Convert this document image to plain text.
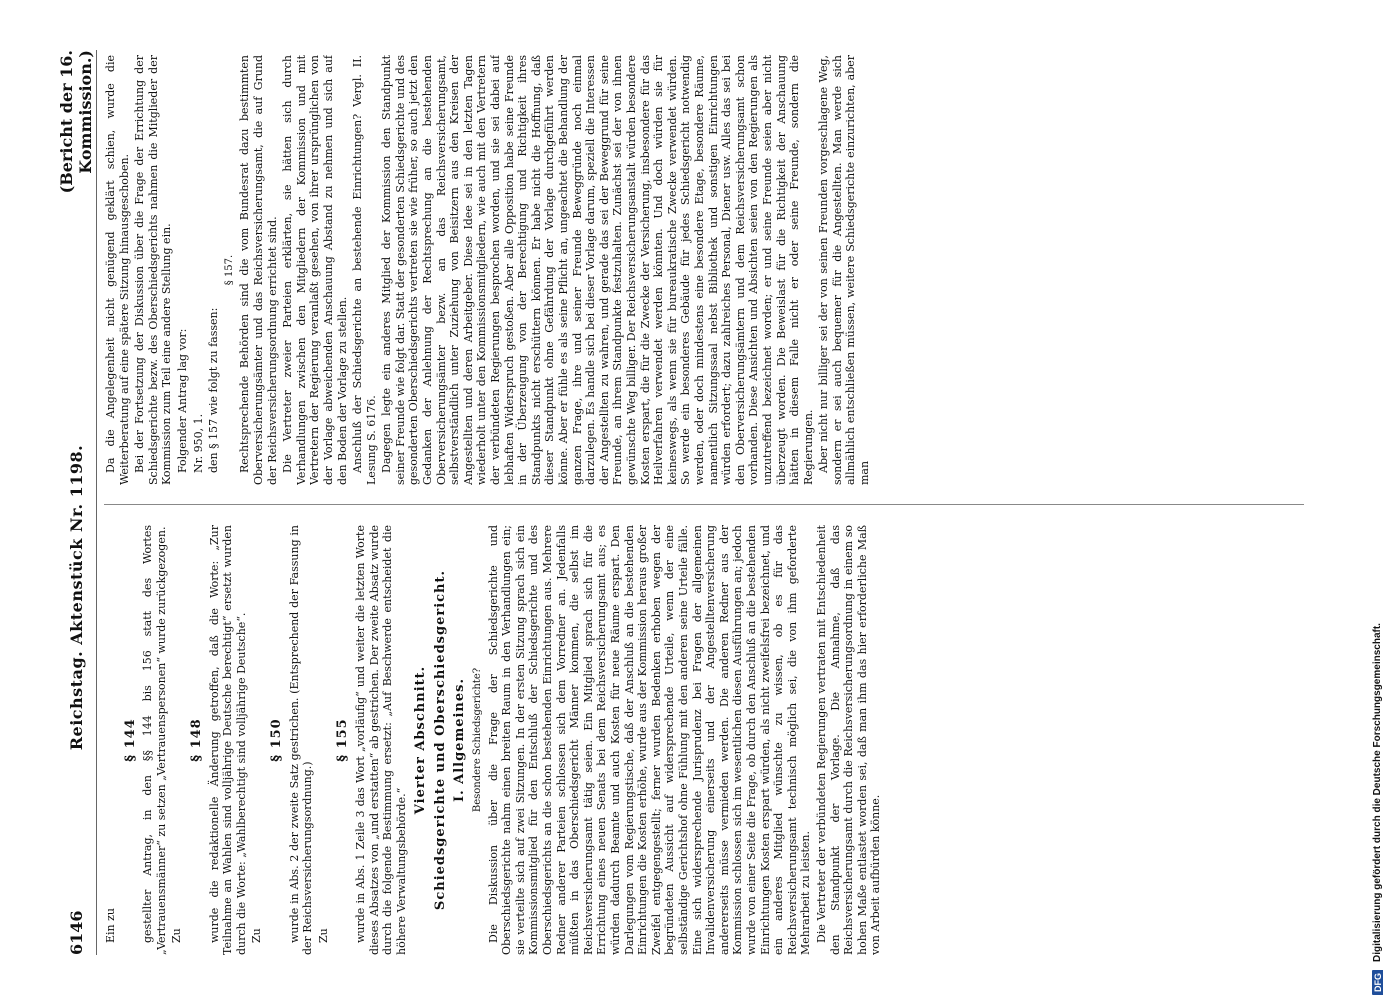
6146
Reichstag. Aktenstück Nr. 1198.
(Bericht der 16. Kommission.)
Ein zu
§ 144 gestellter Antrag, in den §§ 144 bis 156 statt des Wortes „Vertrauensmänner“ zu setzen „Vertrauenspersonen“ wurde zurückgezogen. Zu
§ 148 wurde die redaktionelle Änderung getroffen, daß die Worte: „Zur Teilnahme an Wahlen sind volljährige Deutsche berechtigt“ ersetzt wurden durch die Worte: „Wahlberechtigt sind volljährige Deutsche“. Zu
§ 150 wurde in Abs. 2 der zweite Satz gestrichen. (Entsprechend der Fassung in der Reichsversicherungsordnung.) Zu
§ 155 wurde in Abs. 1 Zeile 3 das Wort „vorläufig“ und weiter die letzten Worte dieses Absatzes von „und erstatten“ ab gestrichen. Der zweite Absatz wurde durch die folgende Bestimmung ersetzt: „Auf Beschwerde entscheidet die höhere Verwaltungsbehörde.“
Vierter Abschnitt. Schiedsgerichte und Oberschiedsgericht. I. Allgemeines. Besondere Schiedsgerichte? Die Diskussion über die Frage der Schiedsgerichte und Oberschiedsgerichte nahm einen breiten Raum in den Verhandlungen ein; sie verteilte sich auf zwei Sitzungen. In der ersten Sitzung sprach sich ein Kommissionsmitglied für den Entschluß der Schiedsgerichte und des Oberschiedsgerichts an die schon bestehenden Einrichtungen aus. Mehrere Redner anderer Parteien schlossen sich dem Vorredner an. Jedenfalls müßten in das Oberschiedsgericht Männer kommen, die selbst im Reichsversicherungsamt tätig seien. Ein Mitglied sprach sich für die Errichtung eines neuen Senats bei dem Reichsversicherungsamt aus; es würden dadurch Beamte und auch Kosten für neue Räume erspart. Den Darlegungen vom Regierungstische, daß der Anschluß an die bestehenden Einrichtungen die Kosten erhöhe, wurde aus der Kommission heraus großer Zweifel entgegengestellt; ferner wurden Bedenken erhoben wegen der begründeten Aussicht auf widersprechende Urteile, wenn der eine selbständige Gerichtshof ohne Fühlung mit den anderen seine Urteile fälle. Eine sich widersprechende Jurisprudenz bei Fragen der allgemeinen Invalidenversicherung einerseits und der Angestelltenversicherung andererseits müsse vermieden werden. Die anderen Redner aus der Kommission schlossen sich im wesentlichen diesen Ausführungen an; jedoch wurde von einer Seite die Frage, ob durch den Anschluß an die bestehenden Einrichtungen Kosten erspart würden, als nicht zweifelsfrei bezeichnet, und ein anderes Mitglied wünschte zu wissen, ob es für das Reichsversicherungsamt technisch möglich sei, die von ihm geforderte Mehrarbeit zu leisten. Die Vertreter der verbündeten Regierungen vertraten mit Entschiedenheit den Standpunkt der Vorlage. Die Annahme, daß das Reichsversicherungsamt durch die Reichsversicherungsordnung in einem so hohen Maße entlastet worden sei, daß man ihm das hier erforderliche Maß von Arbeit aufbürden könne.
Da die Angelegenheit nicht genügend geklärt schien, wurde die Weiterberatung auf eine spätere Sitzung hinausgeschoben. Bei der Fortsetzung der Diskussion über die Frage der Errichtung der Schiedsgerichte bezw. des Oberschiedsgerichts nahmen die Mitglieder der Kommission zum Teil eine andere Stellung ein. Folgender Antrag lag vor: Nr. 950, 1. den § 157 wie folgt zu fassen:
§ 157. Rechtsprechende Behörden sind die vom Bundesrat dazu bestimmten Oberversicherungsämter und das Reichsversicherungsamt, die auf Grund der Reichsversicherungsordnung errichtet sind. Die Vertreter zweier Parteien erklärten, sie hätten sich durch Verhandlungen zwischen den Mitgliedern der Kommission und mit Vertretern der Regierung veranlaßt gesehen, von ihrer ursprünglichen von der Vorlage abweichenden Anschauung Abstand zu nehmen und sich auf den Boden der Vorlage zu stellen. Anschluß der Schiedsgerichte an bestehende Einrichtungen? Vergl. II. Lesung S. 6176. Dagegen legte ein anderes Mitglied der Kommission den Standpunkt seiner Freunde wie folgt dar. Statt der gesonderten Schiedsgerichte und des gesonderten Oberschiedsgerichts vertreten sie wie früher, so auch jetzt den Gedanken der Anlehnung der Rechtsprechung an die bestehenden Oberversicherungsämter bezw. an das Reichsversicherungsamt, selbstverständlich unter Zuziehung von Beisitzern aus den Kreisen der Angestellten und deren Arbeitgeber. Diese Idee sei in den letzten Tagen wiederholt unter den Kommissionsmitgliedern, wie auch mit den Vertretern der verbündeten Regierungen besprochen worden, und sie sei dabei auf lebhaften Widerspruch gestoßen. Aber alle Opposition habe seine Freunde in der Überzeugung von der Berechtigung und Richtigkeit ihres Standpunkts nicht erschüttern können. Er habe nicht die Hoffnung, daß dieser Standpunkt ohne Gefährdung der Vorlage durchgeführt werden könne. Aber er fühle es als seine Pflicht an, ungeachtet die Behandlung der ganzen Frage, ihre und seiner Freunde Beweggründe noch einmal darzulegen. Es handle sich bei dieser Vorlage darum, speziell die Interessen der Angestellten zu wahren, und gerade das sei der Beweggrund für seine Freunde, an ihrem Standpunkte festzuhalten. Zunächst sei der von ihnen gewünschte Weg billiger. Der Reichsversicherungsanstalt würden besondere Kosten erspart, die für die Zwecke der Versicherung, insbesondere für das Heilverfahren verwendet werden könnten. Und doch würden sie für keineswegs, als wenn sie für bureaukratische Zwecke verwendet würden. So werde ein besonderes Gebäude für jedes Schiedsgericht notwendig werden, oder doch mindestens eine besondere Etage, besondere Räume, namentlich Sitzungssaal nebst Bibliothek und sonstigen Einrichtungen würden erfordert; dazu zahlreiches Personal, Diener usw. Alles das sei bei den Oberversicherungsämtern und dem Reichsversicherungsamt schon vorhanden. Diese Ansichten und Absichten seien von den Regierungen als unzutreffend bezeichnet worden; er und seine Freunde seien aber nicht überzeugt worden. Die Beweislast für die Richtigkeit der Anschauung hätten in diesem Falle nicht er oder seine Freunde, sondern die Regierungen. Aber nicht nur billiger sei der von seinen Freunden vorgeschlagene Weg, sondern er sei auch bequemer für die Angestellten. Man werde sich allmählich entschließen müssen, weitere Schiedsgerichte einzurichten, aber man
DFG
Digitalisierung gefördert durch die Deutsche Forschungsgemeinschaft.
